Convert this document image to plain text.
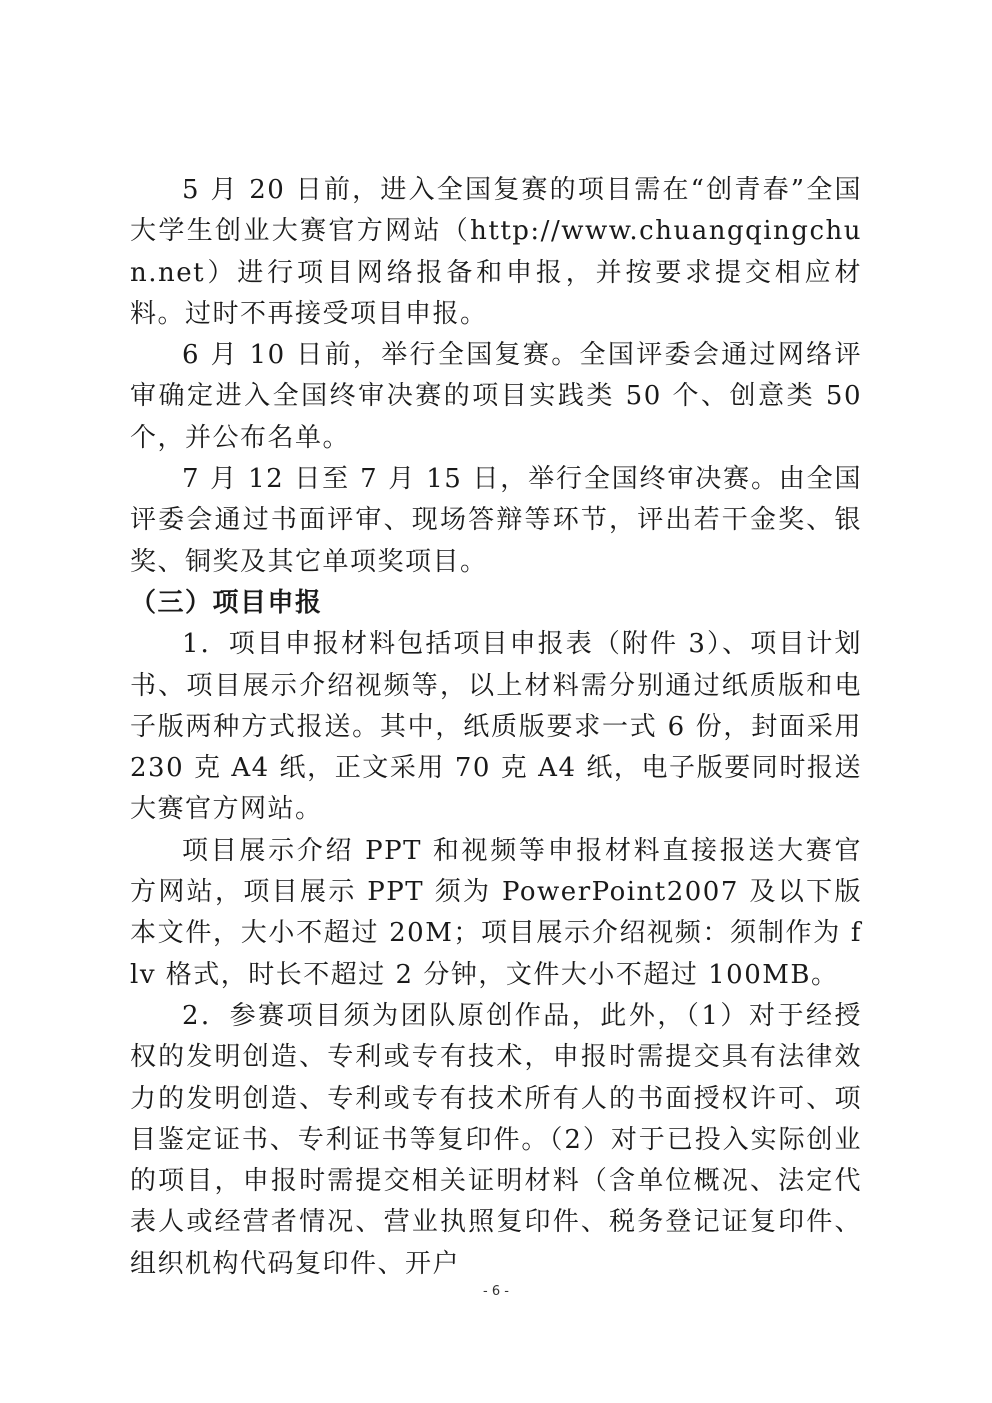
5 月 20 日前，进入全国复赛的项目需在“创青春”全国大学生创业大赛官方网站（http://www.chuangqingchun.net）进行项目网络报备和申报，并按要求提交相应材料。过时不再接受项目申报。

6 月 10 日前，举行全国复赛。全国评委会通过网络评审确定进入全国终审决赛的项目实践类 50 个、创意类 50 个，并公布名单。

7 月 12 日至 7 月 15 日，举行全国终审决赛。由全国评委会通过书面评审、现场答辩等环节，评出若干金奖、银奖、铜奖及其它单项奖项目。

（三）项目申报

1．项目申报材料包括项目申报表（附件 3）、项目计划书、项目展示介绍视频等，以上材料需分别通过纸质版和电子版两种方式报送。其中，纸质版要求一式 6 份，封面采用 230 克 A4 纸，正文采用 70 克 A4 纸，电子版要同时报送大赛官方网站。

项目展示介绍 PPT 和视频等申报材料直接报送大赛官方网站，项目展示 PPT 须为 PowerPoint2007 及以下版本文件，大小不超过 20M；项目展示介绍视频：须制作为 flv 格式，时长不超过 2 分钟，文件大小不超过 100MB。

2．参赛项目须为团队原创作品，此外，（1）对于经授权的发明创造、专利或专有技术，申报时需提交具有法律效力的发明创造、专利或专有技术所有人的书面授权许可、项目鉴定证书、专利证书等复印件。（2）对于已投入实际创业的项目，申报时需提交相关证明材料（含单位概况、法定代表人或经营者情况、营业执照复印件、税务登记证复印件、组织机构代码复印件、开户

- 6 -
